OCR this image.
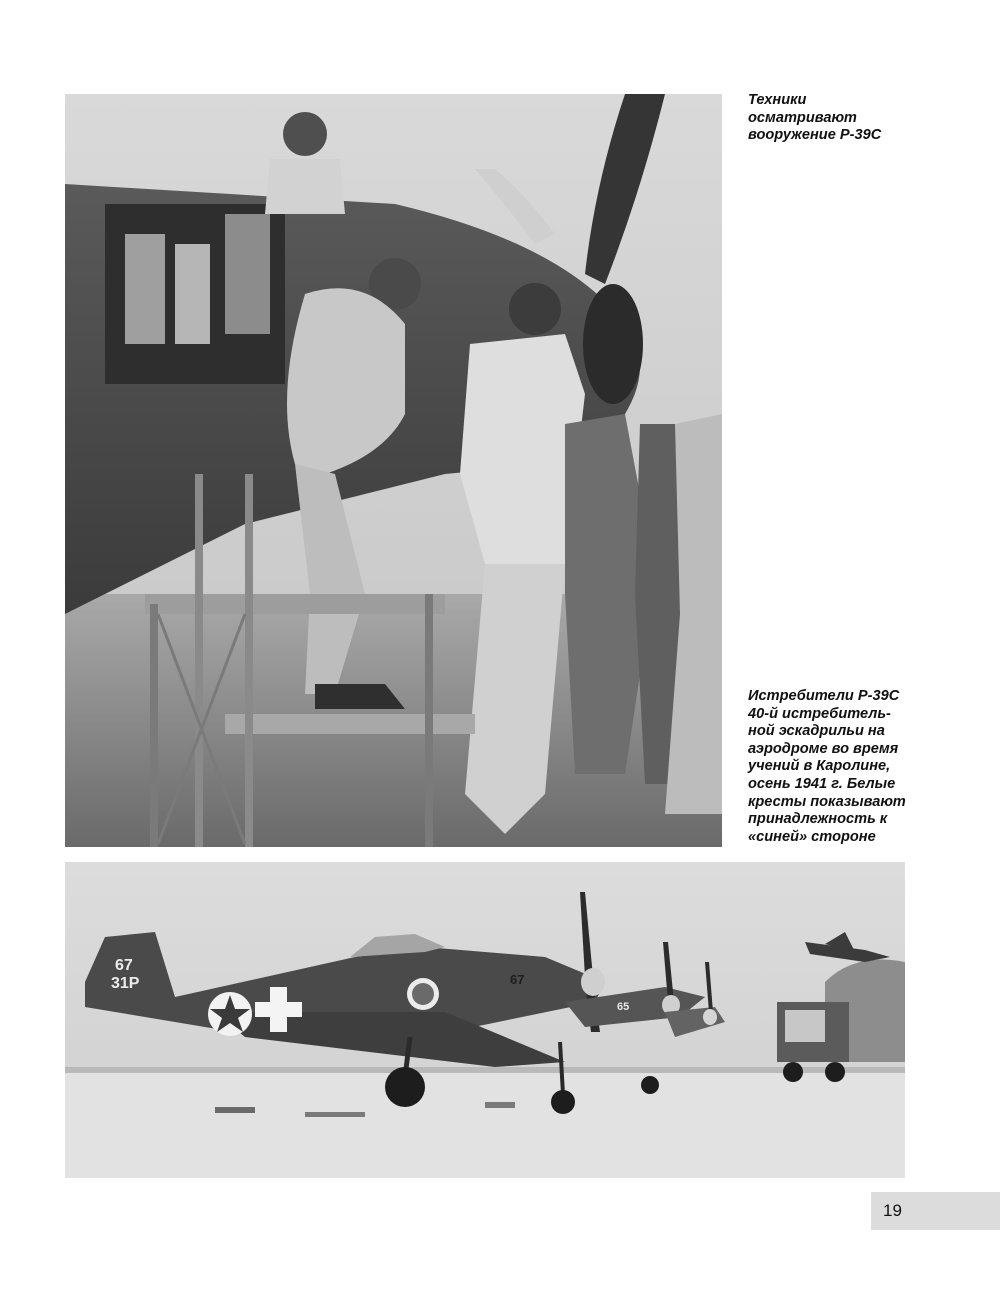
Техники
осматривают
вооружение Р-39С
Истребители Р-39С
40-й истребитель-
ной эскадрильи на
аэродроме во время
учений в Каролине,
осень 1941 г. Белые
кресты показывают
принадлежность к
«синей» стороне
67
31P	67
65
19
